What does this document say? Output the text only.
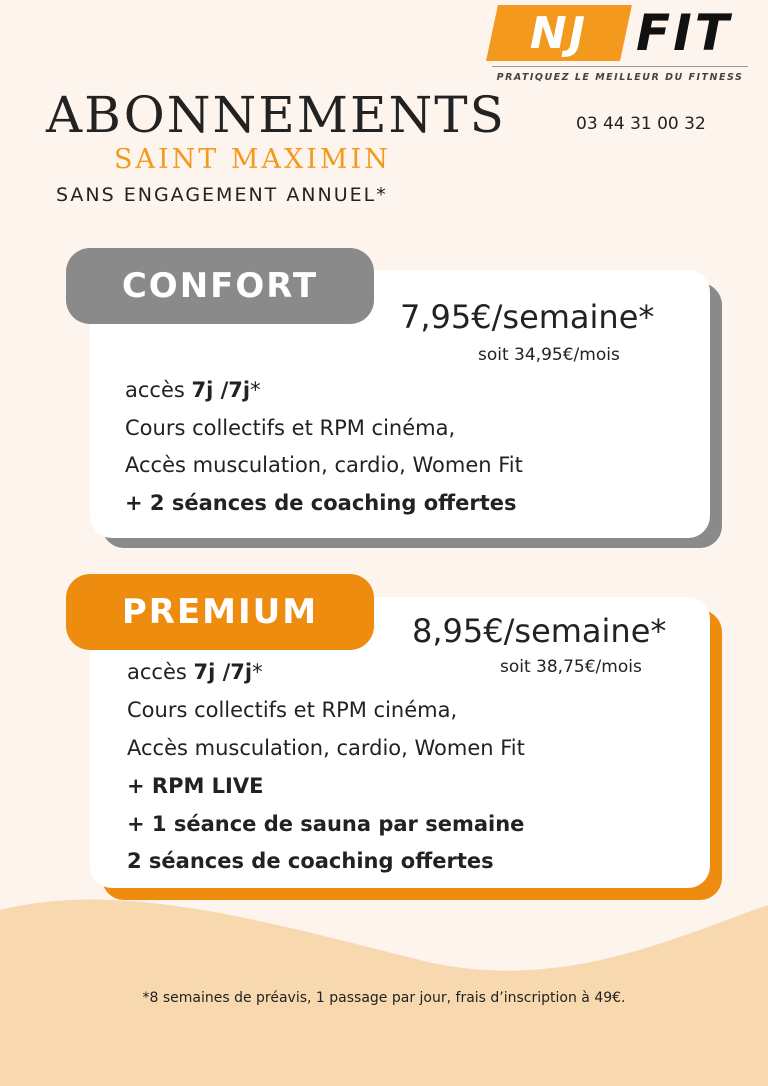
NJ FIT
PRATIQUEZ LE MEILLEUR DU FITNESS
03 44 31 00 32
ABONNEMENTS
SAINT MAXIMIN
SANS ENGAGEMENT ANNUEL*
CONFORT
7,95€/semaine*
soit 34,95€/mois
accès 7j /7j*
Cours collectifs et RPM cinéma,
Accès musculation, cardio, Women Fit
+ 2 séances de coaching offertes
PREMIUM	8,95€/semaine*
soit 38,75€/mois
accès 7j /7j*
Cours collectifs et RPM cinéma,
Accès musculation, cardio, Women Fit
+ RPM LIVE
+ 1 séance de sauna par semaine
2 séances de coaching offertes
*8 semaines de préavis, 1 passage par jour, frais d’inscription à 49€.
